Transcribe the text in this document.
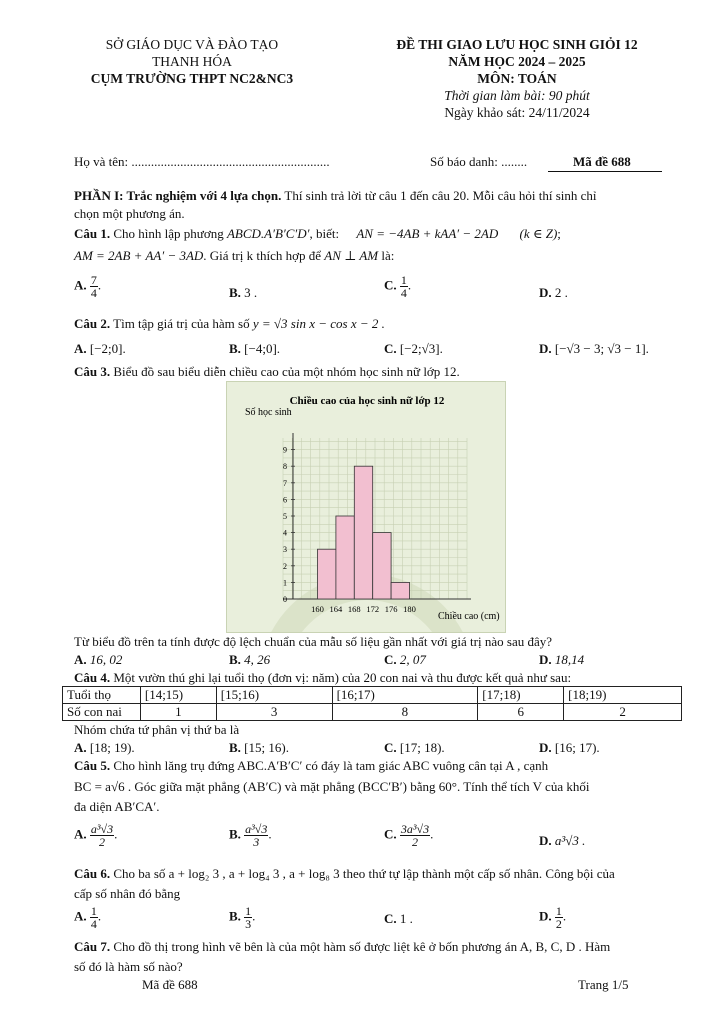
SỞ GIÁO DỤC VÀ ĐÀO TẠO
THANH HÓA
CỤM TRƯỜNG THPT NC2&NC3
ĐỀ THI GIAO LƯU HỌC SINH GIỎI 12
NĂM HỌC 2024 – 2025
MÔN: TOÁN
Thời gian làm bài: 90 phút
Ngày khảo sát: 24/11/2024
Họ và tên: .............................................................	Số báo danh: ........	Mã đề 688
PHẦN I: Trắc nghiệm với 4 lựa chọn. Thí sinh trả lời từ câu 1 đến câu 20. Mỗi câu hỏi thí sinh chỉ
chọn một phương án.
Câu 1. Cho hình lập phương ABCD.A′B′C′D′, biết: AN = −4AB + kAA′ − 2AD (k ∈ Z);
AM = 2AB + AA′ − 3AD. Giá trị k thích hợp để AN ⊥ AM là:
A. $\frac{7}{4}$ .
B. 3 .
C. $\frac{1}{4}$ .
D. 2 .
Câu 2. Tìm tập giá trị của hàm số y = √3 sin x − cos x − 2 .
A. [−2;0].	B. [−4;0].	C. [−2;√3].	D. [−√3 − 3; √3 − 1].
Câu 3. Biểu đồ sau biểu diễn chiều cao của một nhóm học sinh nữ lớp 12.
Chiều cao của học sinh nữ lớp 12
Số học sinh
Chiều cao (cm)
0
1
2
3
4
5
6
7
8
9
160 164 168 172 176 180
Từ biểu đồ trên ta tính được độ lệch chuẩn của mẫu số liệu gần nhất với giá trị nào sau đây?
A. 16, 02	B. 4, 26	C. 2, 07	D. 18,14
Câu 4. Một vườn thú ghi lại tuổi thọ (đơn vị: năm) của 20 con nai và thu được kết quả như sau:
Tuổi thọ	[14;15)	[15;16)	[16;17)	[17;18)	[18;19)
Số con nai	1	3	8	6	2
Nhóm chứa tứ phân vị thứ ba là
A. [18; 19).	B. [15; 16).	C. [17; 18).	D. [16; 17).
Câu 5. Cho hình lăng trụ đứng ABC.A′B′C′ có đáy là tam giác ABC vuông cân tại A , cạnh
BC = a√6 . Góc giữa mặt phẳng (AB′C) và mặt phẳng (BCC′B′) bằng 60°. Tính thể tích V của khối
đa diện AB′CA′.
A. $\frac{\text{a³√3}}{2}$ .	B. $\frac{\text{a³√3}}{3}$ .	C. $\frac{\text{3a³√3}}{2}$ .	D. a³√3 .
Câu 6. Cho ba số a + log₂ 3 , a + log₄ 3 , a + log₈ 3 theo thứ tự lập thành một cấp số nhân. Công bội của
cấp số nhân đó bằng
A. $\frac{1}{4}$ .	B. $\frac{1}{3}$ .	C. 1 .	D. $\frac{1}{2}$ .
Câu 7. Cho đồ thị trong hình vẽ bên là của một hàm số được liệt kê ở bốn phương án A, B, C, D . Hàm
số đó là hàm số nào?
Mã đề 688	Trang 1/5
